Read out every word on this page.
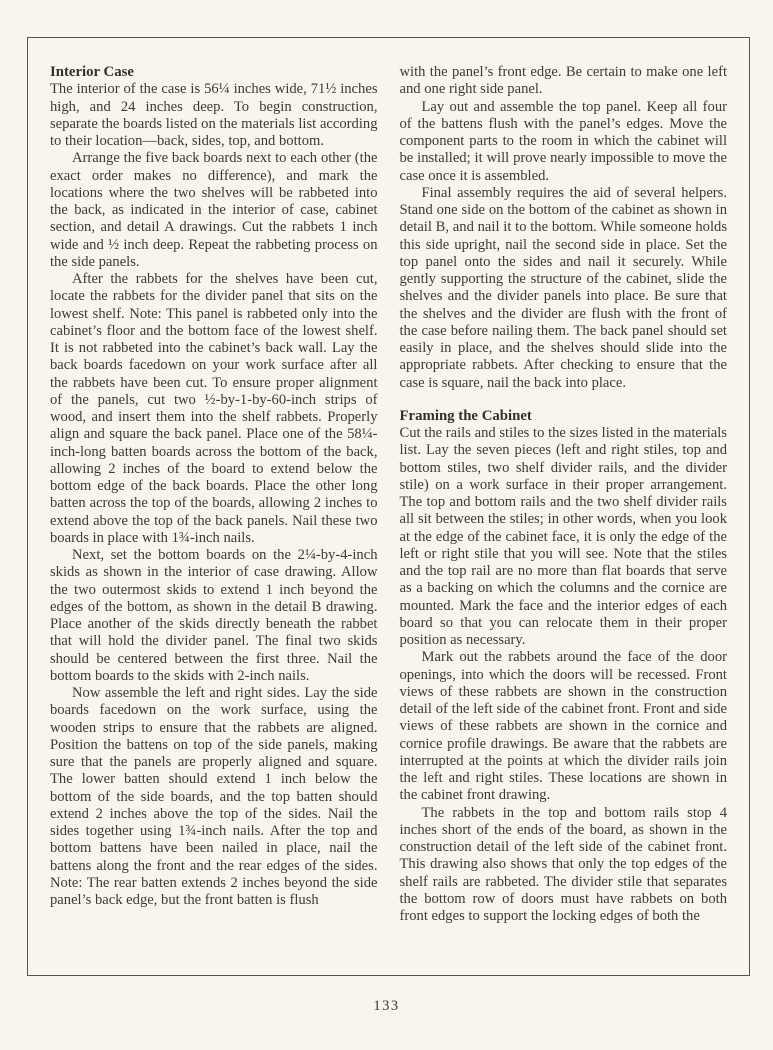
Interior Case

The interior of the case is 56¼ inches wide, 71½ inches high, and 24 inches deep. To begin construction, separate the boards listed on the materials list according to their location—back, sides, top, and bottom.

Arrange the five back boards next to each other (the exact order makes no difference), and mark the locations where the two shelves will be rabbeted into the back, as indicated in the interior of case, cabinet section, and detail A drawings. Cut the rabbets 1 inch wide and ½ inch deep. Repeat the rabbeting process on the side panels.

After the rabbets for the shelves have been cut, locate the rabbets for the divider panel that sits on the lowest shelf. Note: This panel is rabbeted only into the cabinet’s floor and the bottom face of the lowest shelf. It is not rabbeted into the cabinet’s back wall. Lay the back boards facedown on your work surface after all the rabbets have been cut. To ensure proper alignment of the panels, cut two ½-by-1-by-60-inch strips of wood, and insert them into the shelf rabbets. Properly align and square the back panel. Place one of the 58¼-inch-long batten boards across the bottom of the back, allowing 2 inches of the board to extend below the bottom edge of the back boards. Place the other long batten across the top of the boards, allowing 2 inches to extend above the top of the back panels. Nail these two boards in place with 1¾-inch nails.

Next, set the bottom boards on the 2¼-by-4-inch skids as shown in the interior of case drawing. Allow the two outermost skids to extend 1 inch beyond the edges of the bottom, as shown in the detail B drawing. Place another of the skids directly beneath the rabbet that will hold the divider panel. The final two skids should be centered between the first three. Nail the bottom boards to the skids with 2-inch nails.

Now assemble the left and right sides. Lay the side boards facedown on the work surface, using the wooden strips to ensure that the rabbets are aligned. Position the battens on top of the side panels, making sure that the panels are properly aligned and square. The lower batten should extend 1 inch below the bottom of the side boards, and the top batten should extend 2 inches above the top of the sides. Nail the sides together using 1¾-inch nails. After the top and bottom battens have been nailed in place, nail the battens along the front and the rear edges of the sides. Note: The rear batten extends 2 inches beyond the side panel’s back edge, but the front batten is flush

with the panel’s front edge. Be certain to make one left and one right side panel.

Lay out and assemble the top panel. Keep all four of the battens flush with the panel’s edges. Move the component parts to the room in which the cabinet will be installed; it will prove nearly impossible to move the case once it is assembled.

Final assembly requires the aid of several helpers. Stand one side on the bottom of the cabinet as shown in detail B, and nail it to the bottom. While someone holds this side upright, nail the second side in place. Set the top panel onto the sides and nail it securely. While gently supporting the structure of the cabinet, slide the shelves and the divider panels into place. Be sure that the shelves and the divider are flush with the front of the case before nailing them. The back panel should set easily in place, and the shelves should slide into the appropriate rabbets. After checking to ensure that the case is square, nail the back into place.

Framing the Cabinet

Cut the rails and stiles to the sizes listed in the materials list. Lay the seven pieces (left and right stiles, top and bottom stiles, two shelf divider rails, and the divider stile) on a work surface in their proper arrangement. The top and bottom rails and the two shelf divider rails all sit between the stiles; in other words, when you look at the edge of the cabinet face, it is only the edge of the left or right stile that you will see. Note that the stiles and the top rail are no more than flat boards that serve as a backing on which the columns and the cornice are mounted. Mark the face and the interior edges of each board so that you can relocate them in their proper position as necessary.

Mark out the rabbets around the face of the door openings, into which the doors will be recessed. Front views of these rabbets are shown in the construction detail of the left side of the cabinet front. Front and side views of these rabbets are shown in the cornice and cornice profile drawings. Be aware that the rabbets are interrupted at the points at which the divider rails join the left and right stiles. These locations are shown in the cabinet front drawing.

The rabbets in the top and bottom rails stop 4 inches short of the ends of the board, as shown in the construction detail of the left side of the cabinet front. This drawing also shows that only the top edges of the shelf rails are rabbeted. The divider stile that separates the bottom row of doors must have rabbets on both front edges to support the locking edges of both the

133
